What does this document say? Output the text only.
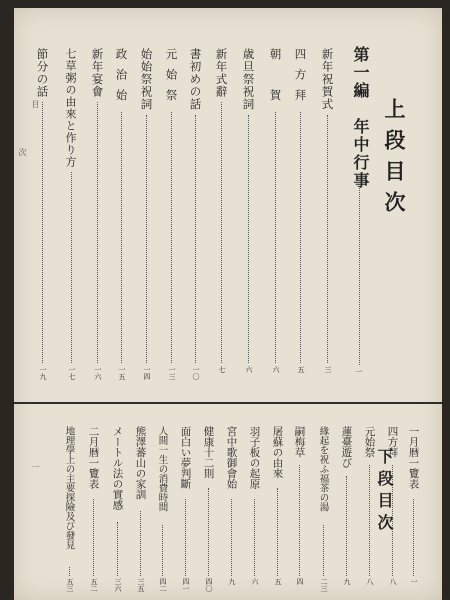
上段目次
第一編　年中行事
一
新年祝賀式
三
四方拜
五
朝　賀
六
歳旦祭祝詞
六
新年式辭
七
書初めの話
一〇
元始祭
一三
始始祭祝詞
一四
政治始
一五
新年宴會
一六
七草粥の由來と作り方
一七
節分の話
一九
目
次
下段目次 一月暦一覽表
一
四方拜
八
元始祭
八
蓮臺遊び
九
緣起を祝ふ福茶の湯
二三
嗣梅草
四
屠蘇の由來
五
羽子板の起原
六
宮中歌御會始
九
健康十二則
四〇
面白い夢判斷
四一
人間一生の消費時間
四二
熊澤蕃山の家訓
三五
メートル法の實感
三六
二月暦一覽表
五二
地理學上の主要探險及び發見
五三
一
